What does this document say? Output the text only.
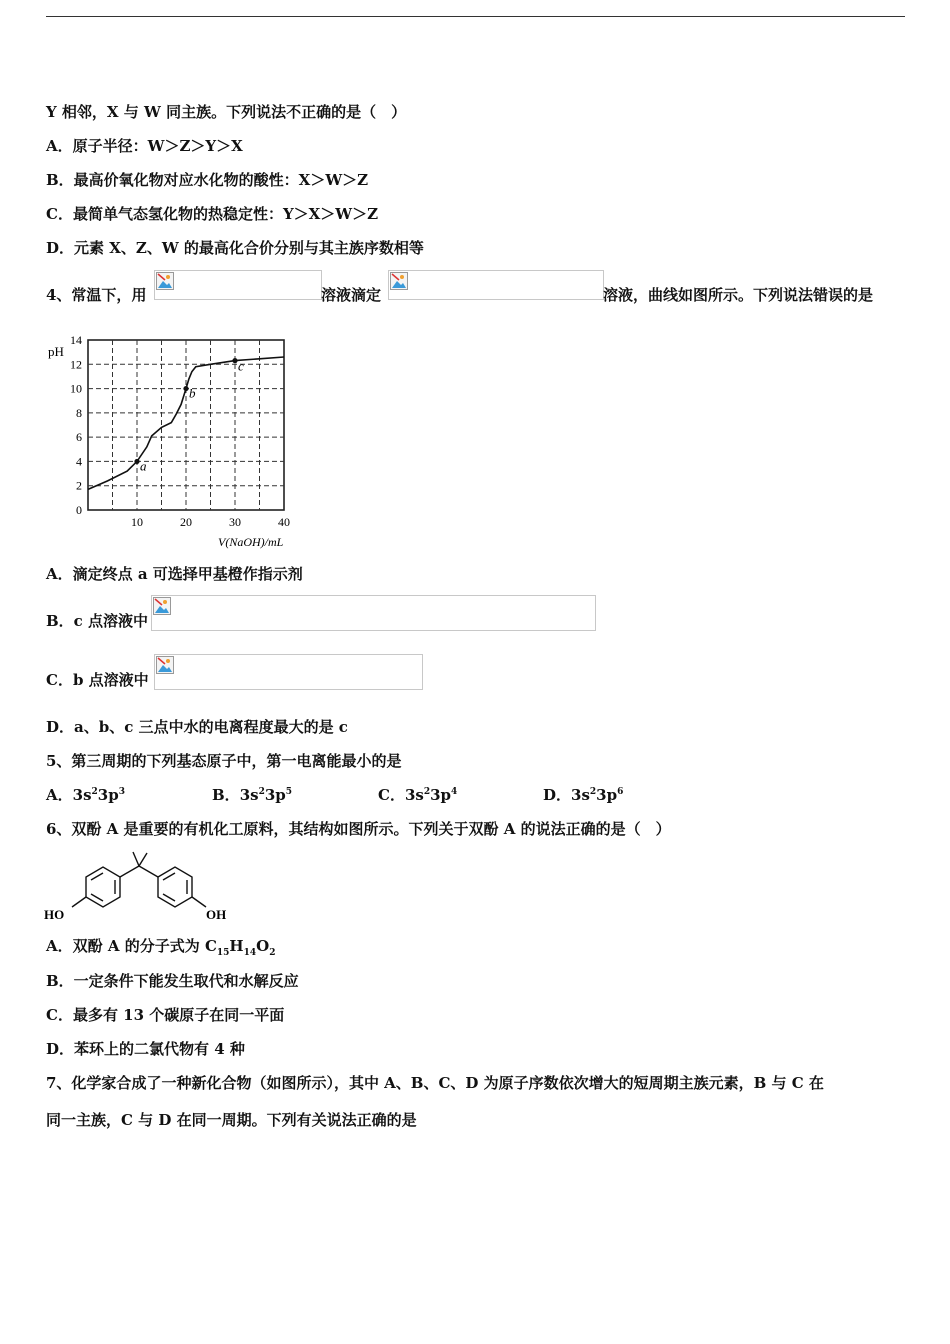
Y 相邻，X 与 W 同主族。下列说法不正确的是（　）
A．原子半径：W＞Z＞Y＞X
B．最高价氧化物对应水化物的酸性：X＞W＞Z
C．最简单气态氢化物的热稳定性：Y＞X＞W＞Z
D．元素 X、Z、W 的最高化合价分别与其主族序数相等
4、常温下，用	溶液滴定	溶液，曲线如图所示。下列说法错误的是
a
b
c
0
2
4
6
8
10
12
14
10	20	30	40
pH
V(NaOH)/mL
A．滴定终点 a 可选择甲基橙作指示剂
B．c 点溶液中
C．b 点溶液中
D．a、b、c 三点中水的电离程度最大的是 c
5、第三周期的下列基态原子中，第一电离能最小的是
A．$3s^23p^3$	B．$3s^23p^5$	C．$3s^23p^4$	D．$3s^23p^6$
6、双酚 A 是重要的有机化工原料，其结构如图所示。下列关于双酚 A 的说法正确的是（　）
HO	OH
A．双酚 A 的分子式为 $C_{15}H_{14}O_2$
B．一定条件下能发生取代和水解反应
C．最多有 13 个碳原子在同一平面
D．苯环上的二氯代物有 4 种
7、化学家合成了一种新化合物（如图所示），其中 A、B、C、D 为原子序数依次增大的短周期主族元素，B 与 C 在
同一主族，C 与 D 在同一周期。下列有关说法正确的是
